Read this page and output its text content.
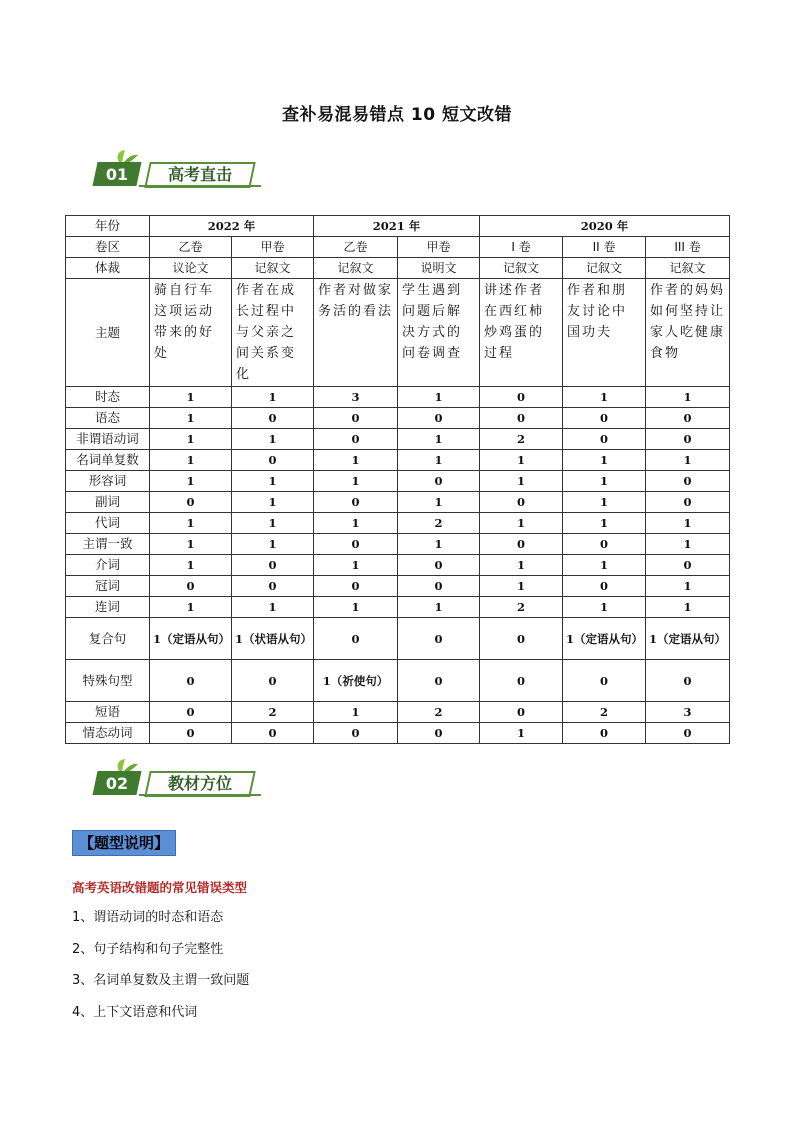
查补易混易错点 10 短文改错
01	高考直击
年份	2022 年		2021 年		2020 年		
卷区	乙卷	甲卷	乙卷	甲卷	I 卷	II 卷	III 卷
体裁	议论文	记叙文	记叙文	说明文	记叙文	记叙文	记叙文
主题	骑自行车这项运动带来的好处	作者在成长过程中与父亲之间关系变化	作者对做家务活的看法	学生遇到问题后解决方式的问卷调查	讲述作者在西红柿炒鸡蛋的过程	作者和朋友讨论中国功夫	作者的妈妈如何坚持让家人吃健康食物
时态	1	1	3	1	0	1	1
语态	1	0	0	0	0	0	0
非谓语动词	1	1	0	1	2	0	0
名词单复数	1	0	1	1	1	1	1
形容词	1	1	1	0	1	1	0
副词	0	1	0	1	0	1	0
代词	1	1	1	2	1	1	1
主谓一致	1	1	0	1	0	0	1
介词	1	0	1	0	1	1	0
冠词	0	0	0	0	1	0	1
连词	1	1	1	1	2	1	1
复合句	1（定语从句）	1（状语从句）	0	0	0	1（定语从句）	1（定语从句）
特殊句型	0	0	1（祈使句）	0	0	0	0
短语	0	2	1	2	0	2	3
情态动词	0	0	0	0	1	0	0
02	教材方位
【题型说明】
高考英语改错题的常见错误类型
1、谓语动词的时态和语态
2、句子结构和句子完整性
3、名词单复数及主谓一致问题
4、上下文语意和代词
